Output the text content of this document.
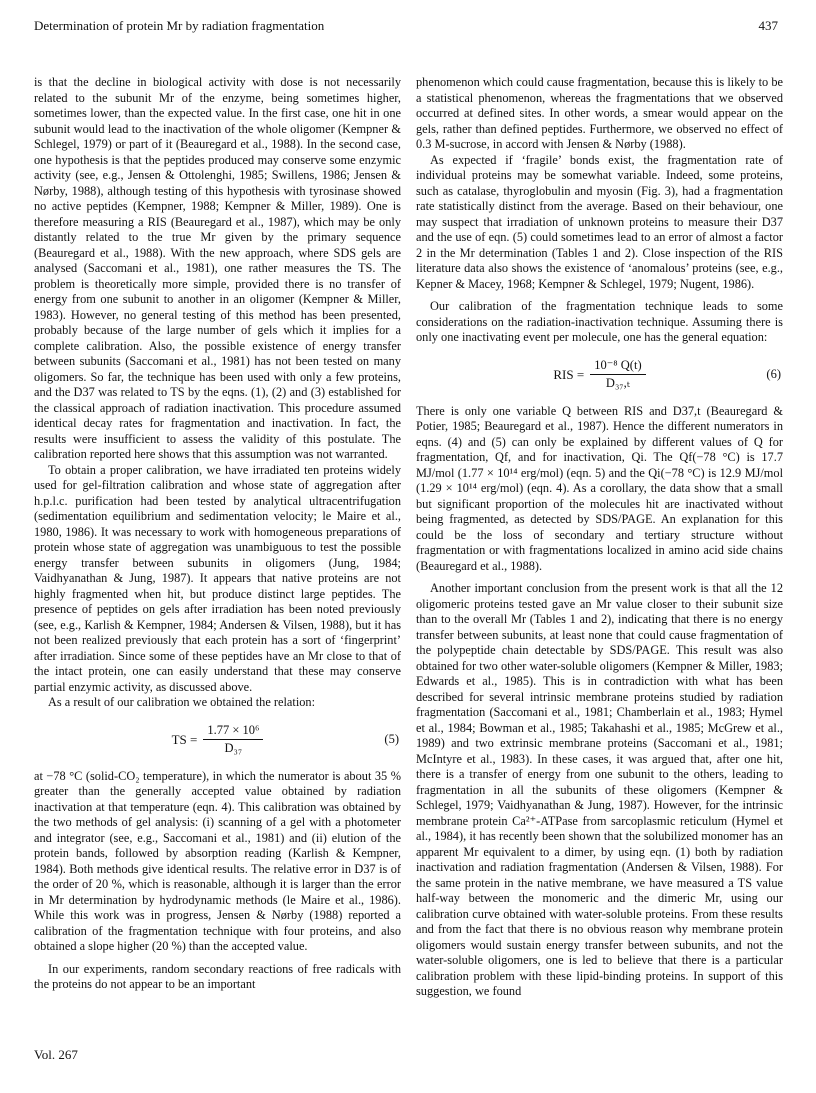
Determination of protein Mr by radiation fragmentation	437

is that the decline in biological activity with dose is not necessarily related to the subunit Mr of the enzyme, being sometimes higher, sometimes lower, than the expected value. In the first case, one hit in one subunit would lead to the inactivation of the whole oligomer (Kempner & Schlegel, 1979) or part of it (Beauregard et al., 1988). In the second case, one hypothesis is that the peptides produced may conserve some enzymic activity (see, e.g., Jensen & Ottolenghi, 1985; Swillens, 1986; Jensen & Nørby, 1988), although testing of this hypothesis with tyrosinase showed no active peptides (Kempner, 1988; Kempner & Miller, 1989). One is therefore measuring a RIS (Beauregard et al., 1987), which may be only distantly related to the true Mr given by the primary sequence (Beauregard et al., 1988). With the new approach, where SDS gels are analysed (Saccomani et al., 1981), one rather measures the TS. The problem is theoretically more simple, provided there is no transfer of energy from one subunit to another in an oligomer (Kempner & Miller, 1983). However, no general testing of this method has been presented, probably because of the large number of gels which it implies for a complete calibration. Also, the possible existence of energy transfer between subunits (Saccomani et al., 1981) has not been tested on many oligomers. So far, the technique has been used with only a few proteins, and the D37 was related to TS by the eqns. (1), (2) and (3) established for the classical approach of radiation inactivation. This procedure assumed identical decay rates for fragmentation and inactivation. In fact, the results were insufficient to assess the validity of this postulate. The calibration reported here shows that this assumption was not warranted.

To obtain a proper calibration, we have irradiated ten proteins widely used for gel-filtration calibration and whose state of aggregation after h.p.l.c. purification had been tested by analytical ultracentrifugation (sedimentation equilibrium and sedimentation velocity; le Maire et al., 1980, 1986). It was necessary to work with homogeneous preparations of protein whose state of aggregation was unambiguous to test the possible energy transfer between subunits in oligomers (Jung, 1984; Vaidhyanathan & Jung, 1987). It appears that native proteins are not highly fragmented when hit, but produce distinct large peptides. The presence of peptides on gels after irradiation has been noted previously (see, e.g., Karlish & Kempner, 1984; Andersen & Vilsen, 1988), but it has not been realized previously that each protein has a sort of ‘fingerprint’ after irradiation. Since some of these peptides have an Mr close to that of the intact protein, one can easily understand that these may conserve partial enzymic activity, as discussed above.

As a result of our calibration we obtained the relation:

TS = $\frac{\text{1.77 × 10⁶}}{\text{D₃₇}}$	(5)

at −78 °C (solid-CO₂ temperature), in which the numerator is about 35 % greater than the generally accepted value obtained by radiation inactivation at that temperature (eqn. 4). This calibration was obtained by the two methods of gel analysis: (i) scanning of a gel with a photometer and integrator (see, e.g., Saccomani et al., 1981) and (ii) elution of the protein bands, followed by absorption reading (Karlish & Kempner, 1984). Both methods give identical results. The relative error in D37 is of the order of 20 %, which is reasonable, although it is larger than the error in Mr determination by hydrodynamic methods (le Maire et al., 1986). While this work was in progress, Jensen & Nørby (1988) reported a calibration of the fragmentation technique with four proteins, and also obtained a slope higher (20 %) than the accepted value.

In our experiments, random secondary reactions of free radicals with the proteins do not appear to be an important

phenomenon which could cause fragmentation, because this is likely to be a statistical phenomenon, whereas the fragmentations that we observed occurred at defined sites. In other words, a smear would appear on the gels, rather than defined peptides. Furthermore, we observed no effect of 0.3 M-sucrose, in accord with Jensen & Nørby (1988).

As expected if ‘fragile’ bonds exist, the fragmentation rate of individual proteins may be somewhat variable. Indeed, some proteins, such as catalase, thyroglobulin and myosin (Fig. 3), had a fragmentation rate statistically distinct from the average. Based on their behaviour, one may suspect that irradiation of unknown proteins to measure their D37 and the use of eqn. (5) could sometimes lead to an error of almost a factor 2 in the Mr determination (Tables 1 and 2). Close inspection of the RIS literature data also shows the existence of ‘anomalous’ proteins (see, e.g., Kepner & Macey, 1968; Kempner & Schlegel, 1979; Nugent, 1986).

Our calibration of the fragmentation technique leads to some considerations on the radiation-inactivation technique. Assuming there is only one inactivating event per molecule, one has the general equation:

RIS = $\frac{\text{10⁻⁸ Q(t)}}{\text{D₃₇,ₜ}}$	(6)

There is only one variable Q between RIS and D37,t (Beauregard & Potier, 1985; Beauregard et al., 1987). Hence the different numerators in eqns. (4) and (5) can only be explained by different values of Q for fragmentation, Qf, and for inactivation, Qi. The Qf(−78 °C) is 17.7 MJ/mol (1.77 × 10¹⁴ erg/mol) (eqn. 5) and the Qi(−78 °C) is 12.9 MJ/mol (1.29 × 10¹⁴ erg/mol) (eqn. 4). As a corollary, the data show that a small but significant proportion of the molecules hit are inactivated without being fragmented, as detected by SDS/PAGE. An explanation for this could be the loss of secondary and tertiary structure without fragmentation or with fragmentations localized in amino acid side chains (Beauregard et al., 1988).

Another important conclusion from the present work is that all the 12 oligomeric proteins tested gave an Mr value closer to their subunit size than to the overall Mr (Tables 1 and 2), indicating that there is no energy transfer between subunits, at least none that could cause fragmentation of the polypeptide chain detectable by SDS/PAGE. This result was also obtained for two other water-soluble oligomers (Kempner & Miller, 1983; Edwards et al., 1985). This is in contradiction with what has been described for several intrinsic membrane proteins studied by radiation fragmentation (Saccomani et al., 1981; Chamberlain et al., 1983; Hymel et al., 1984; Bowman et al., 1985; Takahashi et al., 1985; McGrew et al., 1989) and two extrinsic membrane proteins (Saccomani et al., 1981; McIntyre et al., 1983). In these cases, it was argued that, after one hit, there is a transfer of energy from one subunit to the others, leading to fragmentation in all the subunits of these oligomers (Kempner & Schlegel, 1979; Vaidhyanathan & Jung, 1987). However, for the intrinsic membrane protein Ca²⁺-ATPase from sarcoplasmic reticulum (Hymel et al., 1984), it has recently been shown that the solubilized monomer has an apparent Mr equivalent to a dimer, by using eqn. (1) both by radiation inactivation and radiation fragmentation (Andersen & Vilsen, 1988). For the same protein in the native membrane, we have measured a TS value half-way between the monomeric and the dimeric Mr, using our calibration curve obtained with water-soluble proteins. From these results and from the fact that there is no obvious reason why membrane protein oligomers would sustain energy transfer between subunits, and not the water-soluble oligomers, one is led to believe that there is a particular calibration problem with these lipid-binding proteins. In support of this suggestion, we found

Vol. 267
